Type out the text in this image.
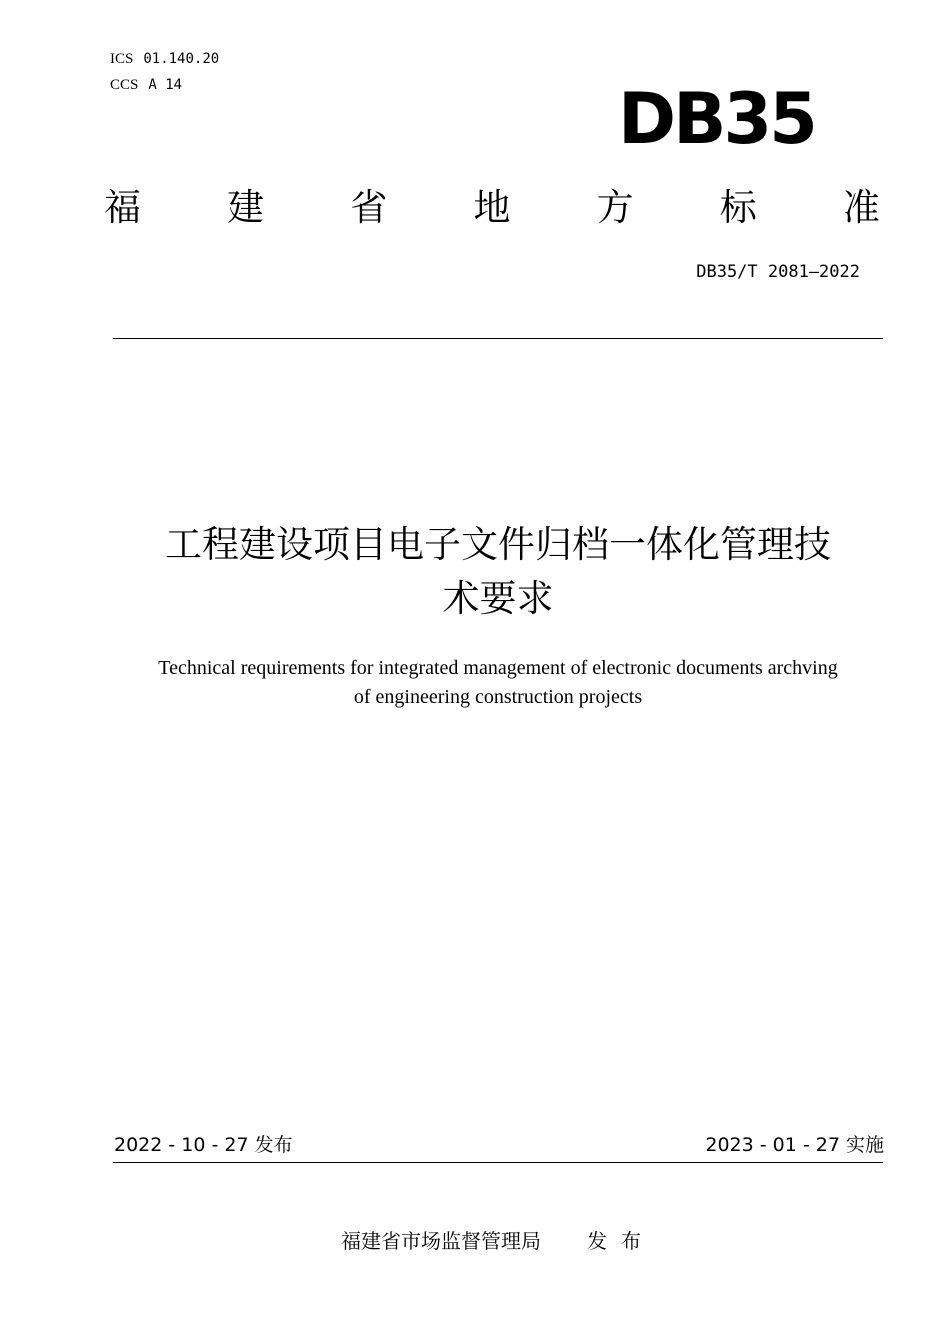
ICS 01.140.20
CCS A 14	DB35
福 建 省 地 方 标 准
DB35/T 2081—2022
工程建设项目电子文件归档一体化管理技
术要求
Technical requirements for integrated management of electronic documents archving
of engineering construction projects
2022 - 10 - 27 发布	2023 - 01 - 27 实施
福建省市场监督管理局 发布
